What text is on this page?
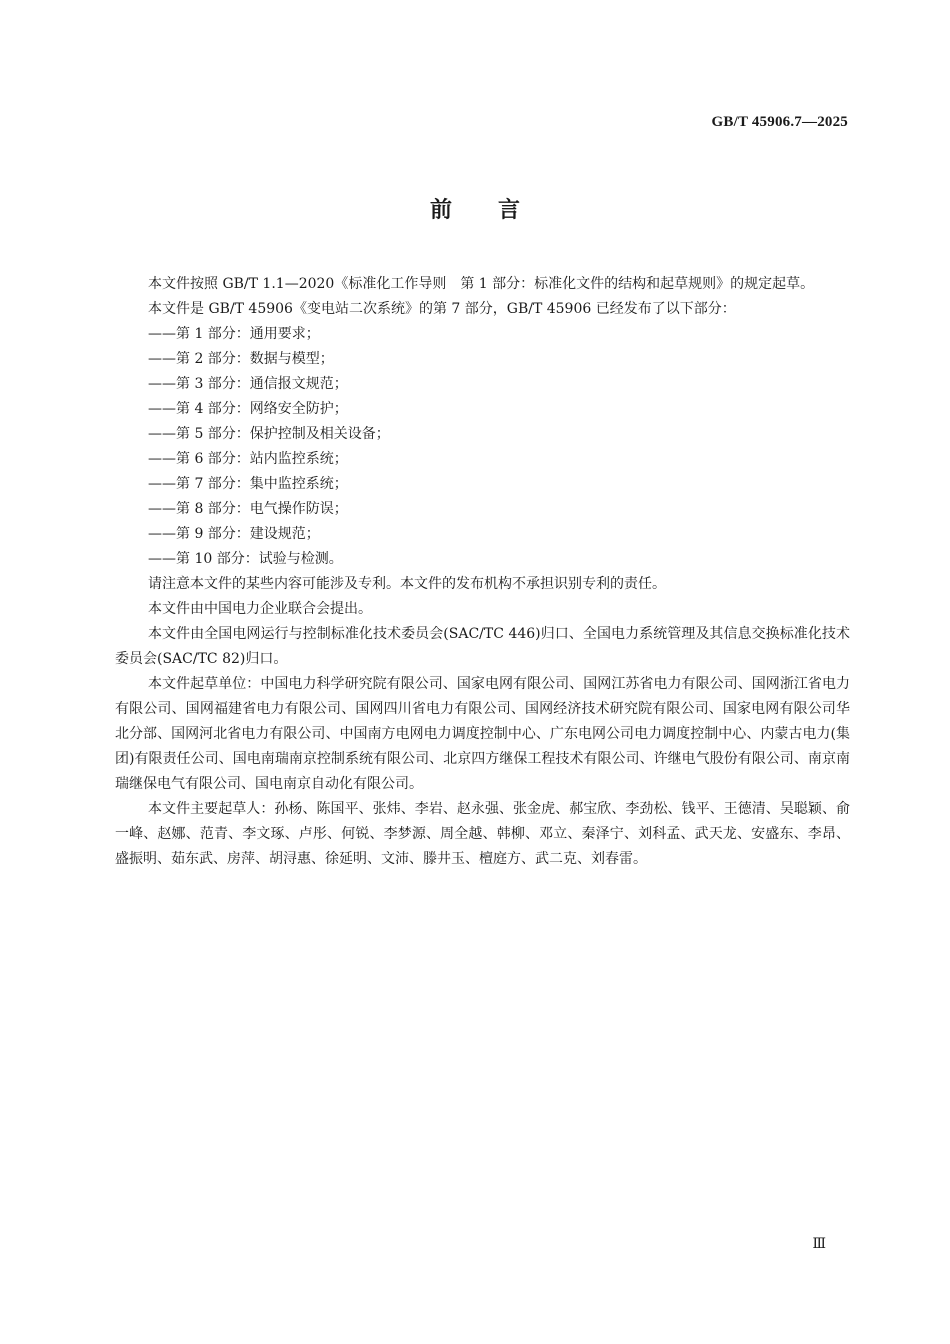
GB/T 45906.7—2025
前言

本文件按照 GB/T 1.1—2020《标准化工作导则　第 1 部分：标准化文件的结构和起草规则》的规定起草。

本文件是 GB/T 45906《变电站二次系统》的第 7 部分，GB/T 45906 已经发布了以下部分：

——第 1 部分：通用要求；
——第 2 部分：数据与模型；
——第 3 部分：通信报文规范；
——第 4 部分：网络安全防护；
——第 5 部分：保护控制及相关设备；
——第 6 部分：站内监控系统；
——第 7 部分：集中监控系统；
——第 8 部分：电气操作防误；
——第 9 部分：建设规范；
——第 10 部分：试验与检测。

请注意本文件的某些内容可能涉及专利。本文件的发布机构不承担识别专利的责任。

本文件由中国电力企业联合会提出。

本文件由全国电网运行与控制标准化技术委员会(SAC/TC 446)归口、全国电力系统管理及其信息交换标准化技术委员会(SAC/TC 82)归口。

本文件起草单位：中国电力科学研究院有限公司、国家电网有限公司、国网江苏省电力有限公司、国网浙江省电力有限公司、国网福建省电力有限公司、国网四川省电力有限公司、国网经济技术研究院有限公司、国家电网有限公司华北分部、国网河北省电力有限公司、中国南方电网电力调度控制中心、广东电网公司电力调度控制中心、内蒙古电力(集团)有限责任公司、国电南瑞南京控制系统有限公司、北京四方继保工程技术有限公司、许继电气股份有限公司、南京南瑞继保电气有限公司、国电南京自动化有限公司。

本文件主要起草人：孙杨、陈国平、张炜、李岩、赵永强、张金虎、郝宝欣、李劲松、钱平、王德清、吴聪颖、俞一峰、赵娜、范青、李文琢、卢彤、何锐、李梦源、周全越、韩柳、邓立、秦泽宁、刘科孟、武天龙、安盛东、李昂、盛振明、茹东武、房萍、胡浔惠、徐延明、文沛、滕井玉、檀庭方、武二克、刘春雷。

Ⅲ
